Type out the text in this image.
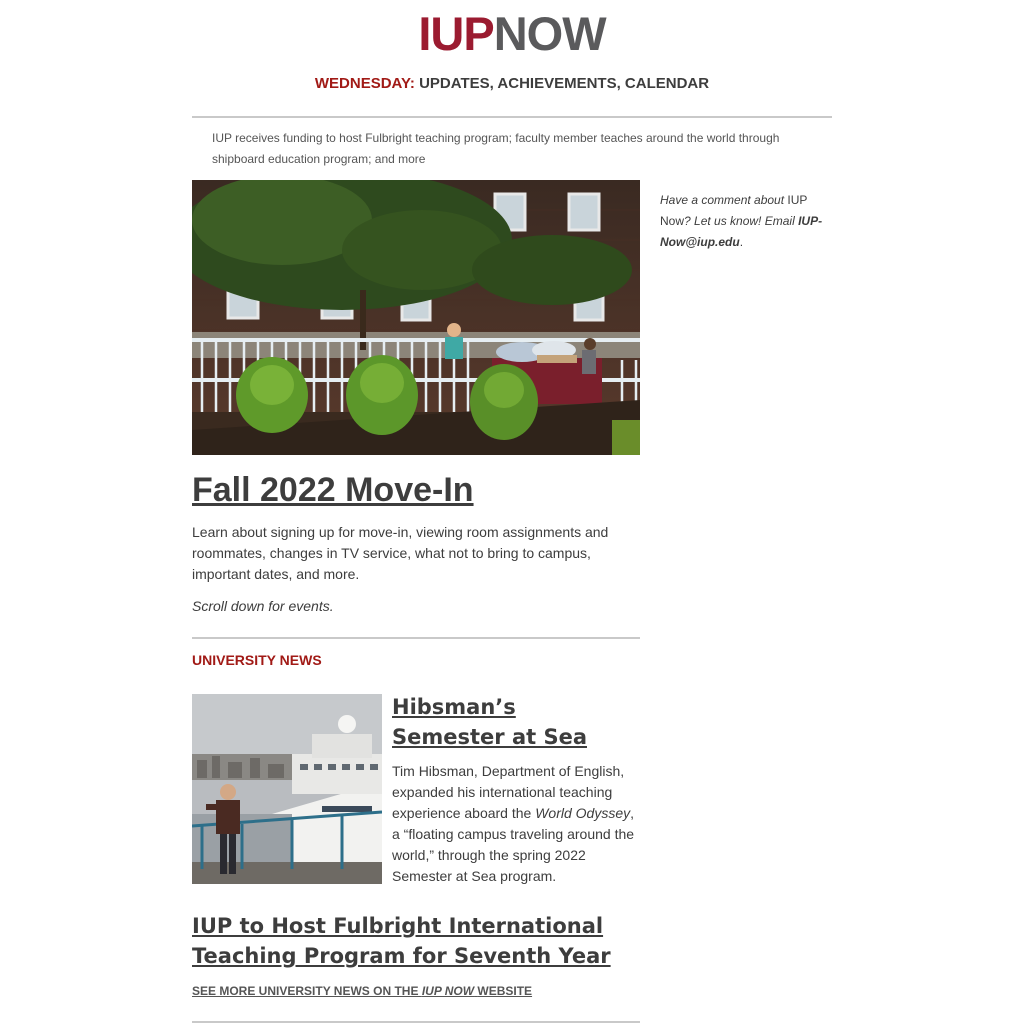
IUPNOW
WEDNESDAY: UPDATES, ACHIEVEMENTS, CALENDAR
IUP receives funding to host Fulbright teaching program; faculty member teaches around the world through shipboard education program; and more
Have a comment about IUP Now? Let us know! Email IUP-Now@iup.edu.
Fall 2022 Move-In

Learn about signing up for move-in, viewing room assignments and roommates, changes in TV service, what not to bring to campus, important dates, and more.

Scroll down for events.

UNIVERSITY NEWS
Hibsman’s Semester at Sea

Tim Hibsman, Department of English, expanded his international teaching experience aboard the World Odyssey, a “floating campus traveling around the world,” through the spring 2022 Semester at Sea program.

IUP to Host Fulbright International Teaching Program for Seventh Year
SEE MORE UNIVERSITY NEWS ON THE IUP NOW WEBSITE
